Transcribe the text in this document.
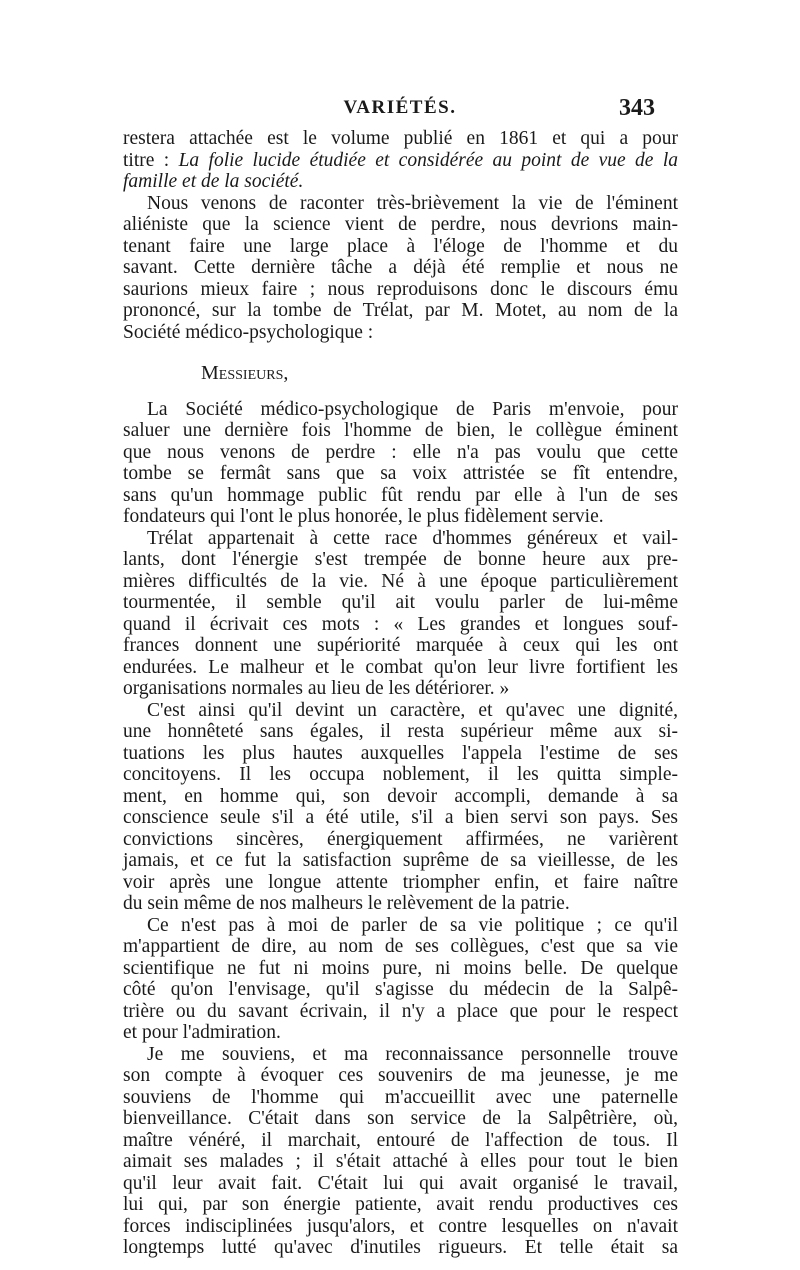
VARIÉTÉS.	343
restera attachée est le volume publié en 1861 et qui a pour
titre : La folie lucide étudiée et considérée au point de vue de la
famille et de la société.
Nous venons de raconter très-brièvement la vie de l'éminent
aliéniste que la science vient de perdre, nous devrions main-
tenant faire une large place à l'éloge de l'homme et du
savant. Cette dernière tâche a déjà été remplie et nous ne
saurions mieux faire ; nous reproduisons donc le discours ému
prononcé, sur la tombe de Trélat, par M. Motet, au nom de la
Société médico-psychologique :
Messieurs,
La Société médico-psychologique de Paris m'envoie, pour
saluer une dernière fois l'homme de bien, le collègue éminent
que nous venons de perdre : elle n'a pas voulu que cette
tombe se fermât sans que sa voix attristée se fît entendre,
sans qu'un hommage public fût rendu par elle à l'un de ses
fondateurs qui l'ont le plus honorée, le plus fidèlement servie.
Trélat appartenait à cette race d'hommes généreux et vail-
lants, dont l'énergie s'est trempée de bonne heure aux pre-
mières difficultés de la vie. Né à une époque particulièrement
tourmentée, il semble qu'il ait voulu parler de lui-même
quand il écrivait ces mots : « Les grandes et longues souf-
frances donnent une supériorité marquée à ceux qui les ont
endurées. Le malheur et le combat qu'on leur livre fortifient les
organisations normales au lieu de les détériorer. »
C'est ainsi qu'il devint un caractère, et qu'avec une dignité,
une honnêteté sans égales, il resta supérieur même aux si-
tuations les plus hautes auxquelles l'appela l'estime de ses
concitoyens. Il les occupa noblement, il les quitta simple-
ment, en homme qui, son devoir accompli, demande à sa
conscience seule s'il a été utile, s'il a bien servi son pays. Ses
convictions sincères, énergiquement affirmées, ne varièrent
jamais, et ce fut la satisfaction suprême de sa vieillesse, de les
voir après une longue attente triompher enfin, et faire naître
du sein même de nos malheurs le relèvement de la patrie.
Ce n'est pas à moi de parler de sa vie politique ; ce qu'il
m'appartient de dire, au nom de ses collègues, c'est que sa vie
scientifique ne fut ni moins pure, ni moins belle. De quelque
côté qu'on l'envisage, qu'il s'agisse du médecin de la Salpê-
trière ou du savant écrivain, il n'y a place que pour le respect
et pour l'admiration.
Je me souviens, et ma reconnaissance personnelle trouve
son compte à évoquer ces souvenirs de ma jeunesse, je me
souviens de l'homme qui m'accueillit avec une paternelle
bienveillance. C'était dans son service de la Salpêtrière, où,
maître vénéré, il marchait, entouré de l'affection de tous. Il
aimait ses malades ; il s'était attaché à elles pour tout le bien
qu'il leur avait fait. C'était lui qui avait organisé le travail,
lui qui, par son énergie patiente, avait rendu productives ces
forces indisciplinées jusqu'alors, et contre lesquelles on n'avait
longtemps lutté qu'avec d'inutiles rigueurs. Et telle était sa
